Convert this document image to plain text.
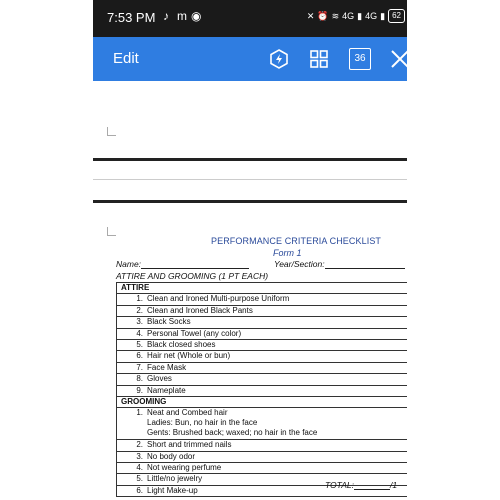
7:53 PM ♪ m ◉	✕ ⏰ ≋ 4G ▮ 4G ▮ 62
Edit	36
PERFORMANCE CRITERIA CHECKLIST
Form 1
Name:	Year/Section:
ATTIRE AND GROOMING (1 PT EACH)
ATTIRE
1. Clean and Ironed Multi-purpose Uniform
2. Clean and Ironed Black Pants
3. Black Socks
4. Personal Towel (any color)
5. Black closed shoes
6. Hair net (Whole or bun)
7. Face Mask
8. Gloves
9. Nameplate
GROOMING
1. Neat and Combed hair
Ladies: Bun, no hair in the face
Gents: Brushed back; waxed; no hair in the face
2. Short and trimmed nails
3. No body odor
4. Not wearing perfume
5. Little/no jewelry
6. Light Make-up
TOTAL:	/1
